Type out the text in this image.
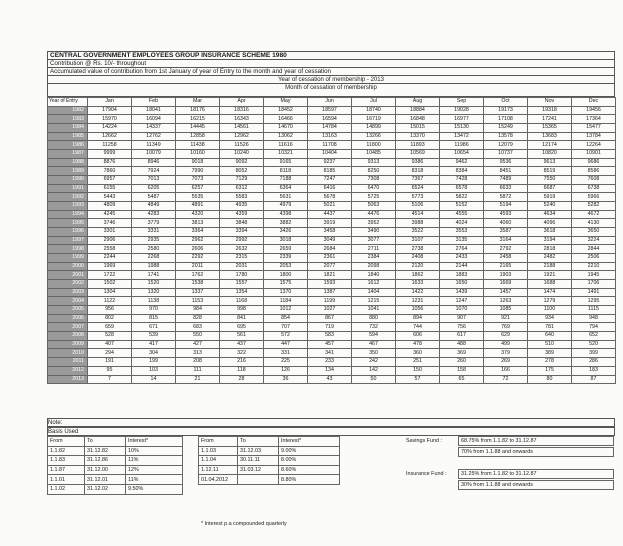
CENTRAL GOVERNMENT EMPLOYEES GROUP INSURANCE SCHEME 1980
Contribution @ Rs. 10/- throughout
Accumulated value of contribution from 1st January of year of Entry to the month and year of cessation
Year of cessation of membership - 2013
Month of cessation of membership
Year of Entry	Jan	Feb	Mar	Apr	May	Jun	Jul	Aug	Sep	Oct	Nov	Dec
1982	17904	18041	18176	18316	18452	18597	18740	18884	19028	19173	19318	19456
1983	15970	16094	16215	16343	16466	16594	16719	16848	16977	17108	17241	17364
1984	14224	14337	14445	14561	14670	14784	14899	15015	15130	15249	15365	15477
1985	12662	12762	12858	12962	13062	13163	13266	13370	13472	13578	13683	13784
1986	11258	11349	11438	11526	11616	11708	11800	11893	11986	12079	12174	12264
1987	9999	10079	10160	10240	10321	10404	10485	10569	10654	10737	10820	10901
1988	8876	8946	9018	9092	9165	9237	9313	9386	9462	9536	9613	9686
1989	7860	7924	7990	8052	8118	8185	8250	8318	8384	8451	8519	8586
1990	6957	7013	7073	7129	7188	7247	7308	7367	7428	7489	7550	7608
1991	6155	6205	6257	6312	6364	6416	6470	6524	6578	6633	6687	6738
1992	5443	5487	5535	5583	5631	5678	5725	5773	5822	5872	5919	5966
1993	4809	4849	4891	4935	4979	5021	5063	5106	5152	5194	5240	5282
1994	4245	4283	4320	4359	4398	4437	4476	4514	4555	4593	4634	4672
1995	3746	3779	3813	3848	3882	3919	3952	3988	4024	4060	4096	4130
1996	3301	3331	3364	3394	3426	3458	3490	3522	3553	3587	3618	3650
1997	2906	2935	2962	2992	3018	3049	3077	3107	3135	3164	3194	3224
1998	2558	2580	2606	2632	2659	2684	2711	2738	2764	2792	2818	2844
1999	2244	2268	2292	2315	2339	2361	2384	2408	2433	2458	2482	2506
2000	1969	1988	2011	2031	2053	2077	2098	2120	2144	2165	2188	2210
2001	1722	1741	1762	1780	1800	1821	1840	1862	1883	1903	1921	1945
2002	1502	1520	1538	1557	1575	1593	1612	1633	1650	1669	1688	1706
2003	1304	1320	1337	1354	1370	1387	1404	1422	1439	1457	1474	1491
2004	1122	1138	1153	1168	1184	1199	1215	1231	1247	1263	1279	1295
2005	956	970	984	998	1012	1027	1041	1056	1070	1085	1100	1115
2006	802	815	828	841	854	867	880	894	907	921	934	948
2007	659	671	683	695	707	719	732	744	756	769	781	794
2008	528	539	550	561	572	583	594	606	617	629	640	652
2009	407	417	427	437	447	457	467	478	488	499	510	520
2010	294	304	313	322	331	341	350	360	369	379	389	399
2011	191	199	208	216	225	233	242	251	260	269	278	286
2012	95	103	111	118	126	134	142	150	158	166	175	183
2013	7	14	21	28	36	43	50	57	65	72	80	87
Note:
Basis Used
From	To	Interest*
1.1.82	31.12.82	10%
1.1.83	31.12.86	11%
1.1.87	31.12.00	12%
1.1.01	31.12.01	11%
1.1.02	31.12.02	9.50%
From	To	Interest*
1.1.03	31.12.03	9.00%
1.1.04	30.11.11	8.00%
1.12.11	31.03.12	8.60%
01.04.2012		8.80%
* Interest p.a compounded quarterly
Savings Fund :	68.75% from 1.1.82 to 31.12.87
70% from 1.1.88 and onwards
Insurance Fund :	31.25% from 1.1.82 to 31.12.87
30% from 1.1.88 and onwards
